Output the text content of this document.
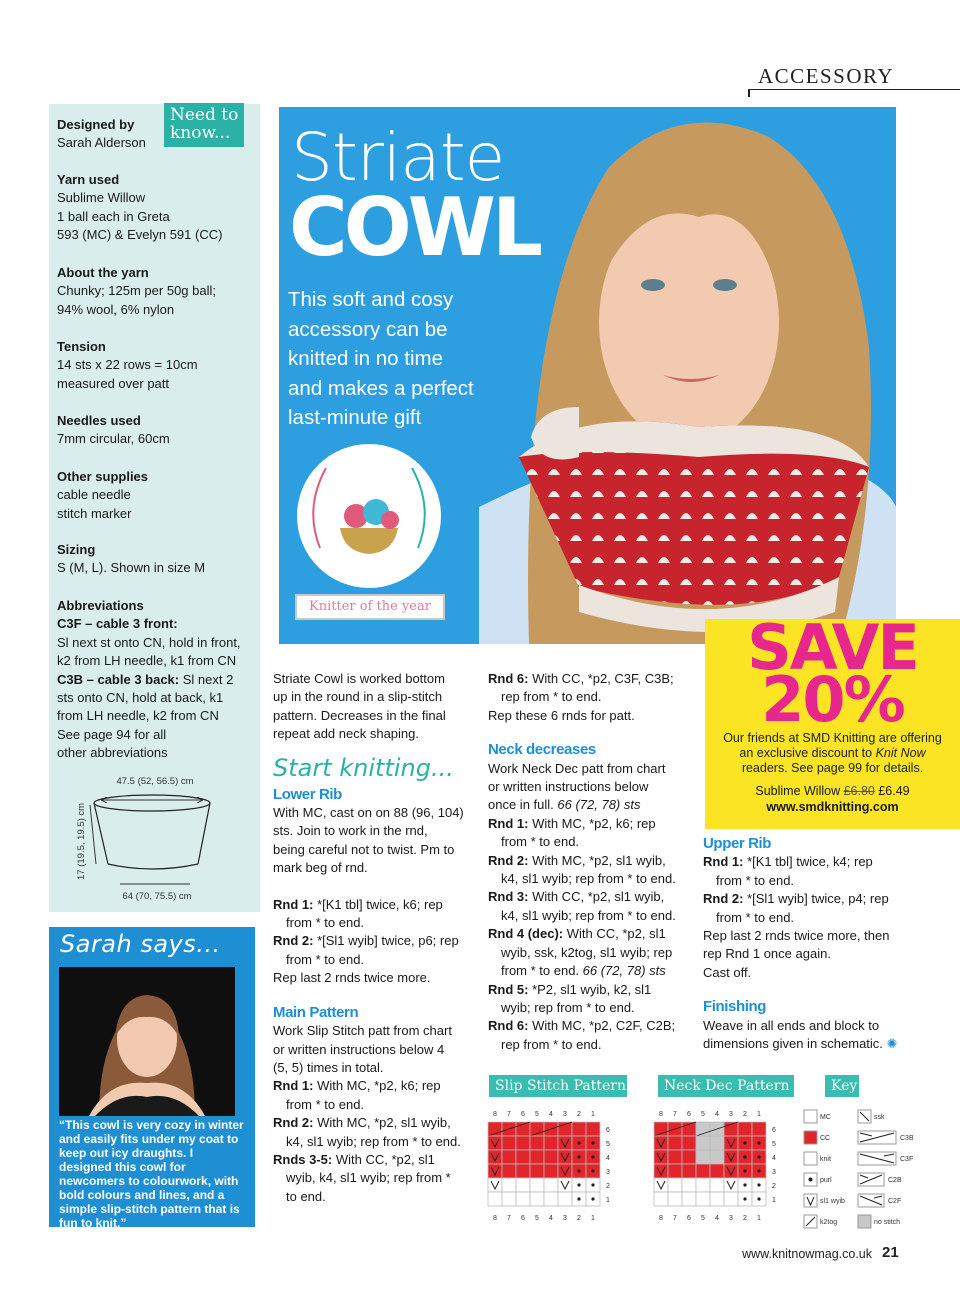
ACCESSORY
Need to
know...
Designed by
Sarah Alderson
Yarn used
Sublime Willow
1 ball each in Greta
593 (MC) & Evelyn 591 (CC)
About the yarn
Chunky; 125m per 50g ball;
94% wool, 6% nylon
Tension
14 sts x 22 rows = 10cm
measured over patt
Needles used
7mm circular, 60cm
Other supplies
cable needle
stitch marker
Sizing
S (M, L). Shown in size M
Abbreviations
C3F – cable 3 front:
Sl next st onto CN, hold in front,
k2 from LH needle, k1 from CN
C3B – cable 3 back: Sl next 2
sts onto CN, hold at back, k1
from LH needle, k2 from CN
See page 94 for all
other abbreviations
47.5 (52, 56.5) cm
17 (19.5, 19.5) cm
64 (70, 75.5) cm
Sarah says...
“This cowl is very cozy in winter and easily fits under my coat to keep out icy draughts. I designed this cowl for newcomers to colourwork, with bold colours and lines, and a simple slip-stitch pattern that is fun to knit.”
Striate
COWL
This soft and cosy
accessory can be
knitted in no time
and makes a perfect
last-minute gift
Knitter of the year
SAVE
20%
Our friends at SMD Knitting are offering
an exclusive discount to Knit Now
readers. See page 99 for details.
Sublime Willow £6.80 £6.49
www.smdknitting.com

Striate Cowl is worked bottom

up in the round in a slip-stitch

pattern. Decreases in the final

repeat add neck shaping.

Start knitting...

Lower Rib

With MC, cast on on 88 (96, 104)

sts. Join to work in the rnd,

being careful not to twist. Pm to

mark beg of rnd.

Rnd 1: *[K1 tbl] twice, k6; rep

from * to end.

Rnd 2: *[Sl1 wyib] twice, p6; rep

from * to end.

Rep last 2 rnds twice more.

Main Pattern

Work Slip Stitch patt from chart

or written instructions below 4

(5, 5) times in total.

Rnd 1: With MC, *p2, k6; rep

from * to end.

Rnd 2: With MC, *p2, sl1 wyib,

k4, sl1 wyib; rep from * to end.

Rnds 3-5: With CC, *p2, sl1

wyib, k4, sl1 wyib; rep from *

to end.

Rnd 6: With CC, *p2, C3F, C3B;

rep from * to end.

Rep these 6 rnds for patt.

Neck decreases

Work Neck Dec patt from chart

or written instructions below

once in full. 66 (72, 78) sts

Rnd 1: With MC, *p2, k6; rep

from * to end.

Rnd 2: With MC, *p2, sl1 wyib,

k4, sl1 wyib; rep from * to end.

Rnd 3: With CC, *p2, sl1 wyib,

k4, sl1 wyib; rep from * to end.

Rnd 4 (dec): With CC, *p2, sl1

wyib, ssk, k2tog, sl1 wyib; rep

from * to end. 66 (72, 78) sts

Rnd 5: *P2, sl1 wyib, k2, sl1

wyib; rep from * to end.

Rnd 6: With MC, *p2, C2F, C2B;

rep from * to end.

Upper Rib

Rnd 1: *[K1 tbl] twice, k4; rep

from * to end.

Rnd 2: *[Sl1 wyib] twice, p4; rep

from * to end.

Rep last 2 rnds twice more, then

rep Rnd 1 once again.

Cast off.

Finishing

Weave in all ends and block to

dimensions given in schematic. ✺

Slip Stitch Pattern	Neck Dec Pattern	Key
8
8
7
7
6
6
5
5
4
4
3
3
2
2
1
1
6
5
4
3
2
1
8
8
7
7
6
6
5
5
4
4
3
3
2
2
1
1
6
5
4
3
2
1
MC
CC
knit
purl
sl1 wyib
k2tog
ssk
C3B
C3F
C2B
C2F
no stitch
www.knitnowmag.co.uk 21
